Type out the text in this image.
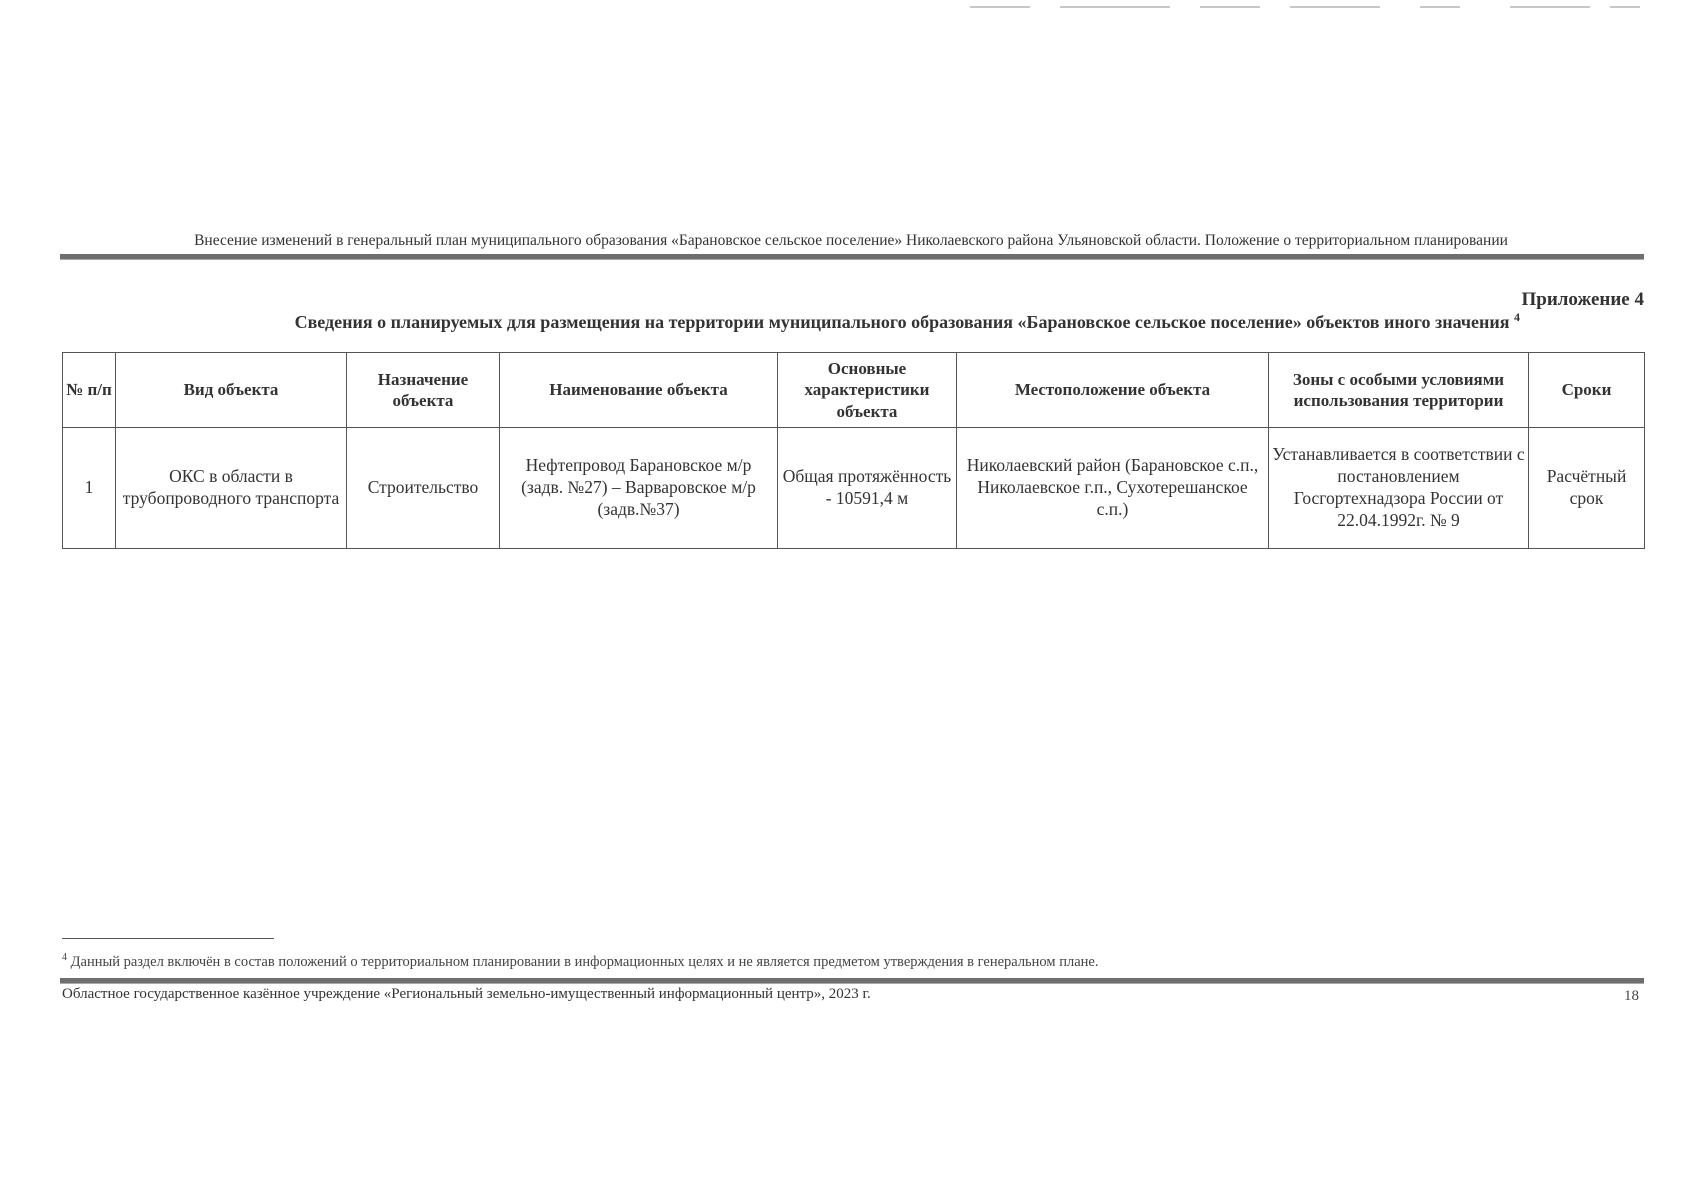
Внесение изменений в генеральный план муниципального образования «Барановское сельское поселение» Николаевского района Ульяновской области. Положение о территориальном планировании
Приложение 4
Сведения о планируемых для размещения на территории муниципального образования «Барановское сельское поселение» объектов иного значения $^4$
№ п/п	Вид объекта	Назначение объекта	Наименование объекта	Основные характеристики объекта	Местоположение объекта	Зоны с особыми условиями использования территории	Сроки
1	ОКС в области в трубопроводного транспорта	Строительство	Нефтепровод Барановское м/р (задв. №27) – Варваровское м/р (задв.№37)	Общая протяжённость - 10591,4 м	Николаевский район (Барановское с.п., Николаевское г.п., Сухотерешанское с.п.)	Устанавливается в соответствии с постановлением Госгортехнадзора России от 22.04.1992г. № 9	Расчётный срок
$^4$ Данный раздел включён в состав положений о территориальном планировании в информационных целях и не является предметом утверждения в генеральном плане.
Областное государственное казённое учреждение «Региональный земельно-имущественный информационный центр», 2023 г.	18
